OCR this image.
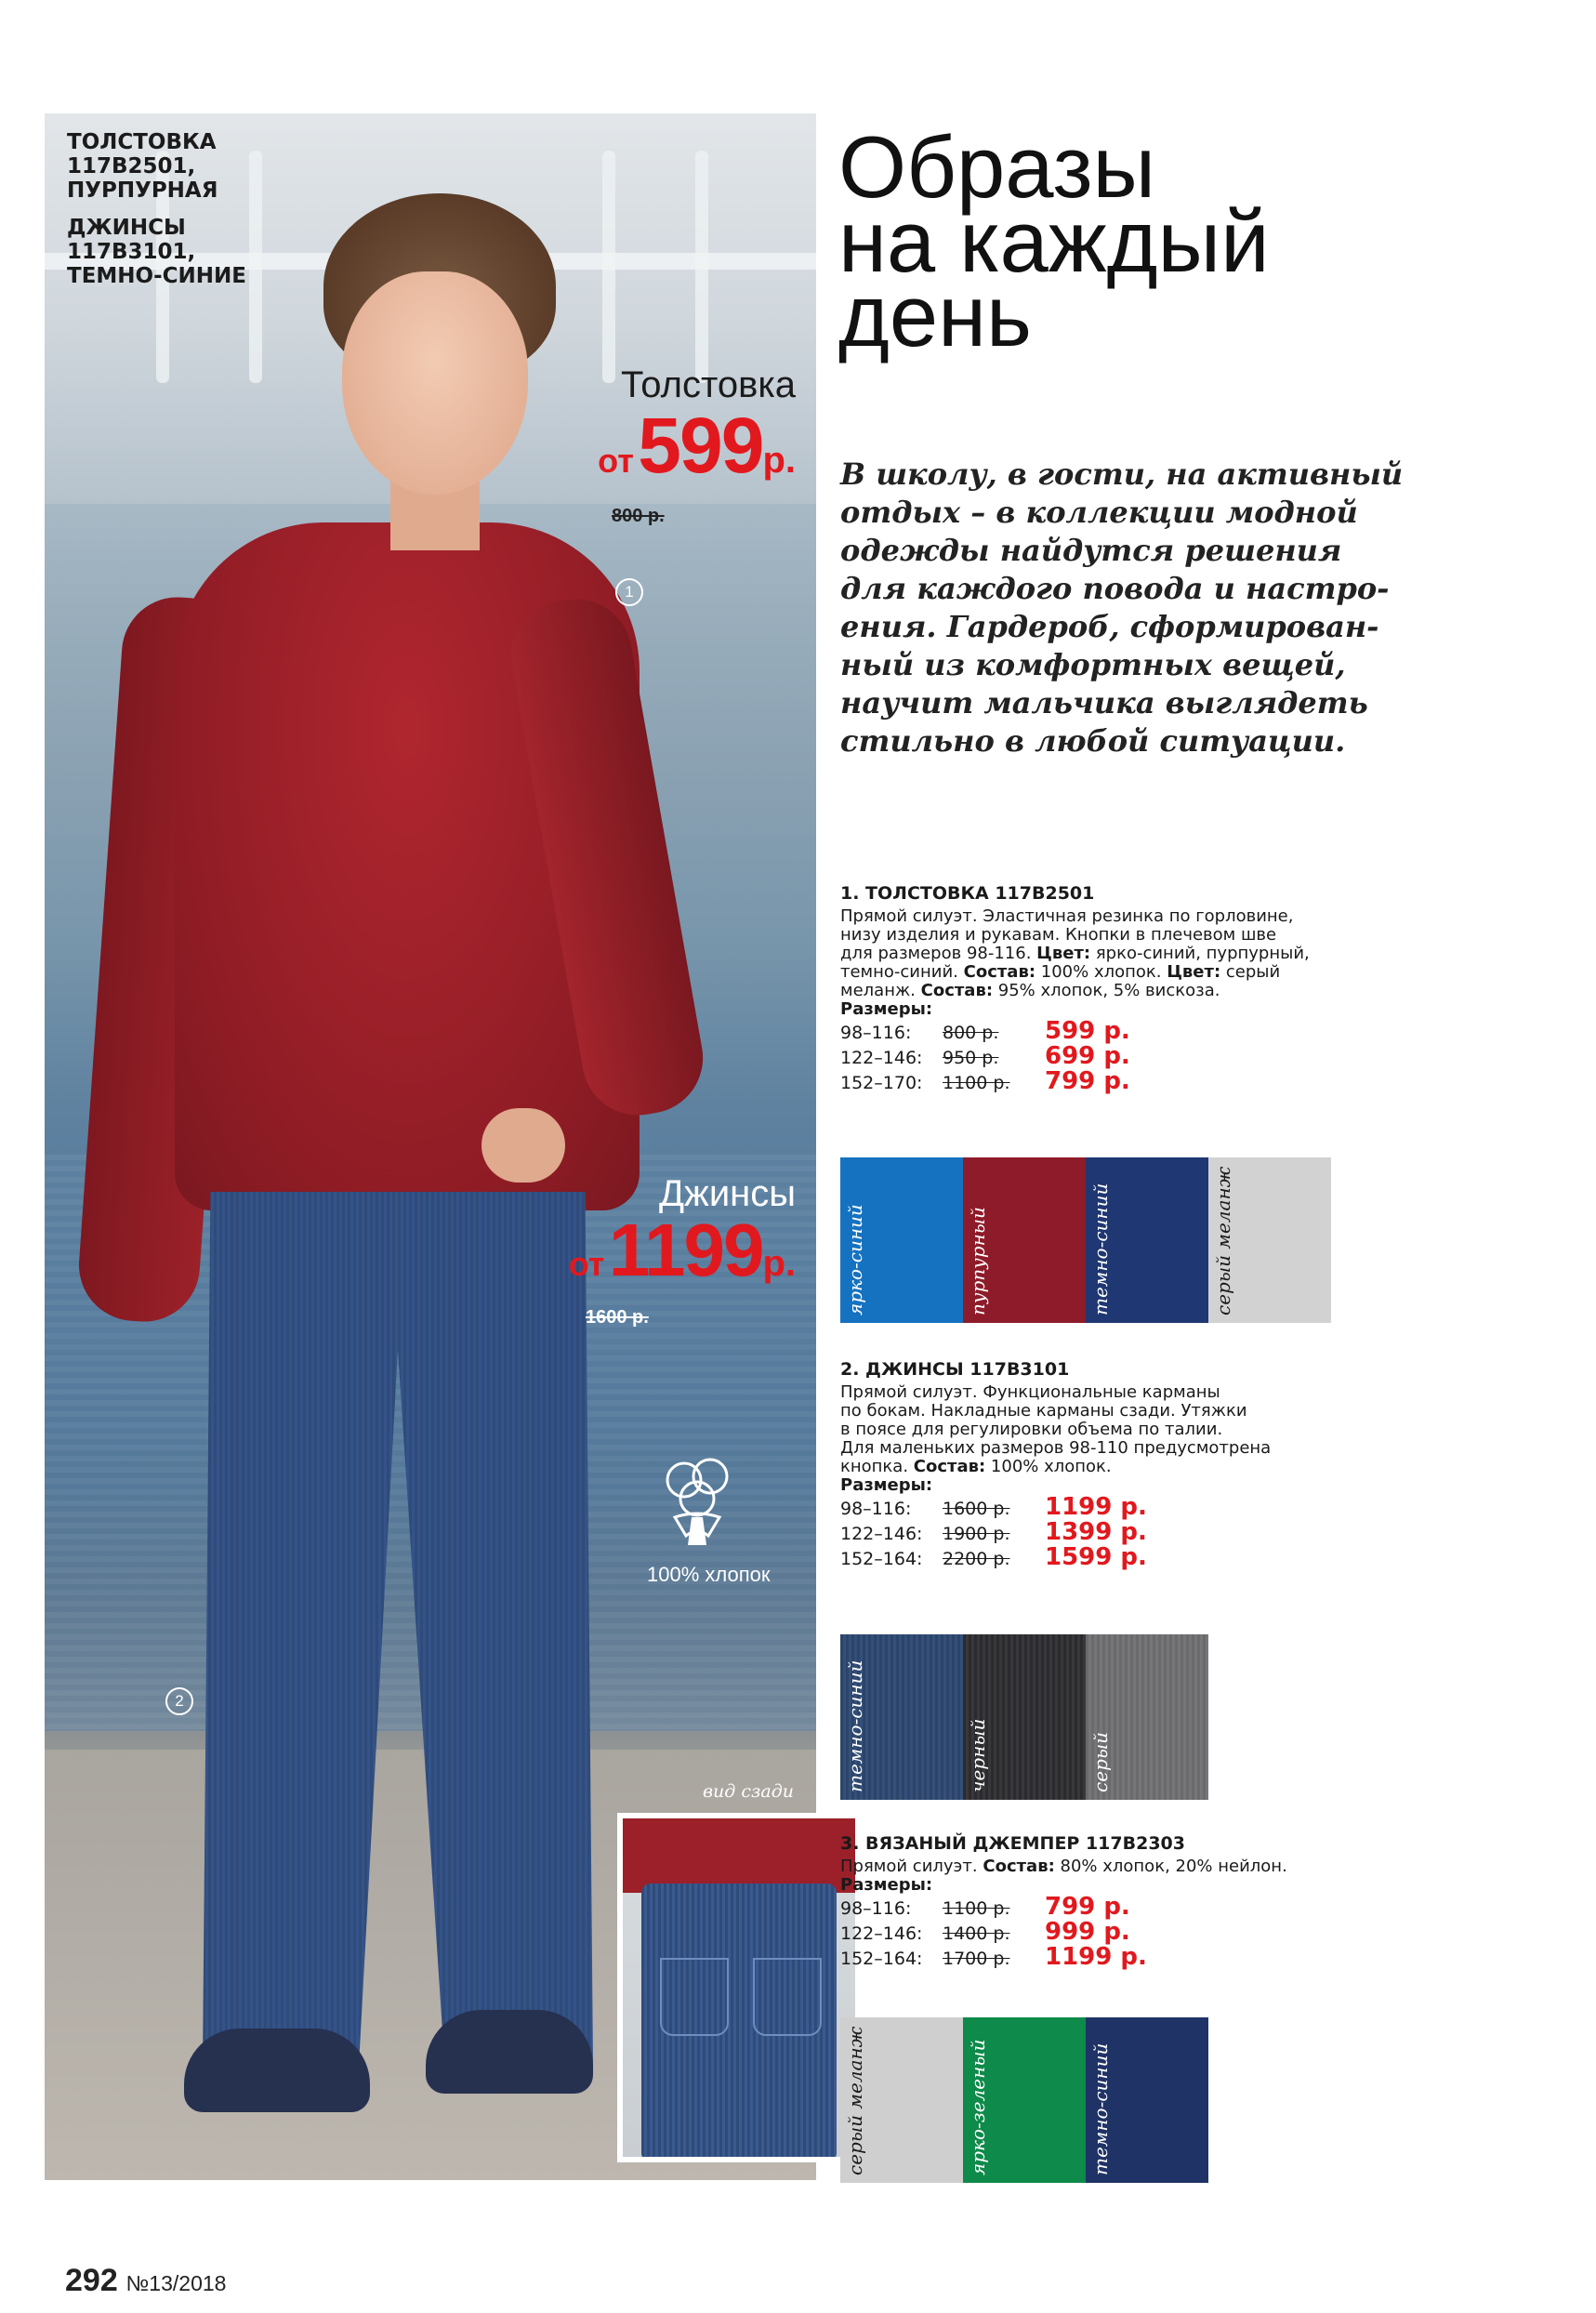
ТОЛСТОВКА
117В2501,
ПУРПУРНАЯ
ДЖИНСЫ
117В3101,
ТЕМНО-СИНИЕ
Толстовка
от 599р.
800 р.
Джинсы
от 1199р.
1600 р.
1
2
100% хлопок
вид сзади
Образы
на каждый
день
В школу, в гости, на активный
отдых – в коллекции модной
одежды найдутся решения
для каждого повода и настро-
ения. Гардероб, сформирован-
ный из комфортных вещей,
научит мальчика выглядеть
стильно в любой ситуации.
1. ТОЛСТОВКА 117В2501
Прямой силуэт. Эластичная резинка по горловине,
низу изделия и рукавам. Кнопки в плечевом шве
для размеров 98-116. Цвет: ярко-синий, пурпурный,
темно-синий. Состав: 100% хлопок. Цвет: серый
меланж. Состав: 95% хлопок, 5% вискоза.
Размеры:
98–116:	800 р.	599 р.
122–146:	950 р.	699 р.
152–170:	1100 р.	799 р.
ярко-синий	пурпурный	темно-синий	серый меланж
2. ДЖИНСЫ 117В3101
Прямой силуэт. Функциональные карманы
по бокам. Накладные карманы сзади. Утяжки
в поясе для регулировки объема по талии.
Для маленьких размеров 98-110 предусмотрена
кнопка. Состав: 100% хлопок.
Размеры:
98–116:	1600 р.	1199 р.
122–146:	1900 р.	1399 р.
152–164:	2200 р.	1599 р.
темно-синий	черный	серый
3. ВЯЗАНЫЙ ДЖЕМПЕР 117В2303
Прямой силуэт. Состав: 80% хлопок, 20% нейлон.
Размеры:
98–116:	1100 р.	799 р.
122–146:	1400 р.	999 р.
152–164:	1700 р.	1199 р.
серый меланж	ярко-зеленый	темно-синий
292 №13/2018
